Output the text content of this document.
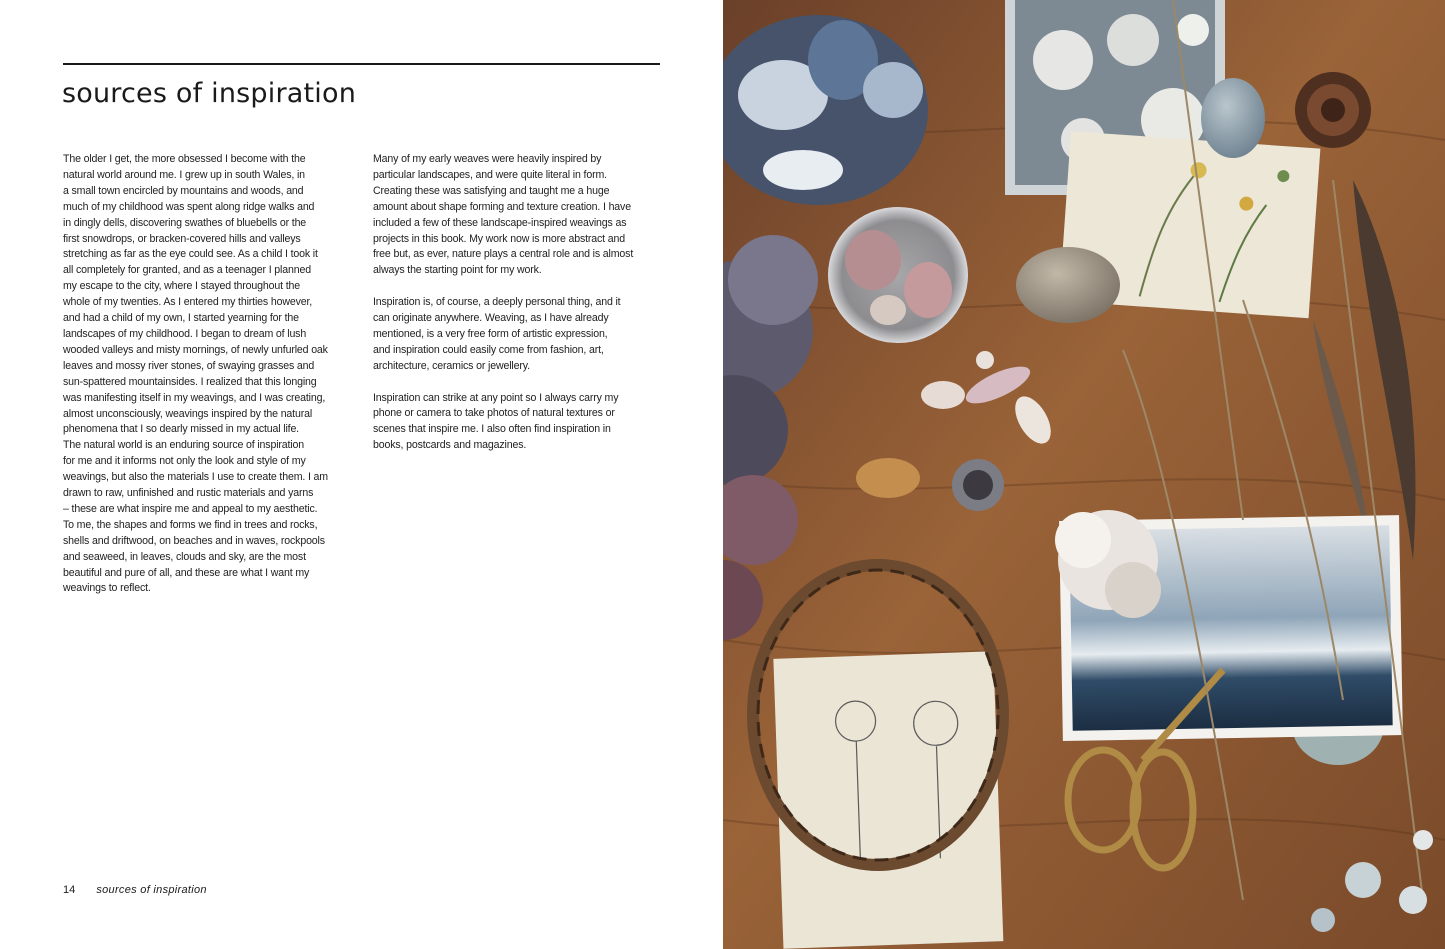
sources of inspiration
The older I get, the more obsessed I become with the
natural world around me. I grew up in south Wales, in
a small town encircled by mountains and woods, and
much of my childhood was spent along ridge walks and
in dingly dells, discovering swathes of bluebells or the
first snowdrops, or bracken-covered hills and valleys
stretching as far as the eye could see. As a child I took it
all completely for granted, and as a teenager I planned
my escape to the city, where I stayed throughout the
whole of my twenties. As I entered my thirties however,
and had a child of my own, I started yearning for the
landscapes of my childhood. I began to dream of lush
wooded valleys and misty mornings, of newly unfurled oak
leaves and mossy river stones, of swaying grasses and
sun-spattered mountainsides. I realized that this longing
was manifesting itself in my weavings, and I was creating,
almost unconsciously, weavings inspired by the natural
phenomena that I so dearly missed in my actual life.
The natural world is an enduring source of inspiration
for me and it informs not only the look and style of my
weavings, but also the materials I use to create them. I am
drawn to raw, unfinished and rustic materials and yarns
– these are what inspire me and appeal to my aesthetic.
To me, the shapes and forms we find in trees and rocks,
shells and driftwood, on beaches and in waves, rockpools
and seaweed, in leaves, clouds and sky, are the most
beautiful and pure of all, and these are what I want my
weavings to reflect.
Many of my early weaves were heavily inspired by
particular landscapes, and were quite literal in form.
Creating these was satisfying and taught me a huge
amount about shape forming and texture creation. I have
included a few of these landscape-inspired weavings as
projects in this book. My work now is more abstract and
free but, as ever, nature plays a central role and is almost
always the starting point for my work.
Inspiration is, of course, a deeply personal thing, and it
can originate anywhere. Weaving, as I have already
mentioned, is a very free form of artistic expression,
and inspiration could easily come from fashion, art,
architecture, ceramics or jewellery.
Inspiration can strike at any point so I always carry my
phone or camera to take photos of natural textures or
scenes that inspire me. I also often find inspiration in
books, postcards and magazines.
14 sources of inspiration
